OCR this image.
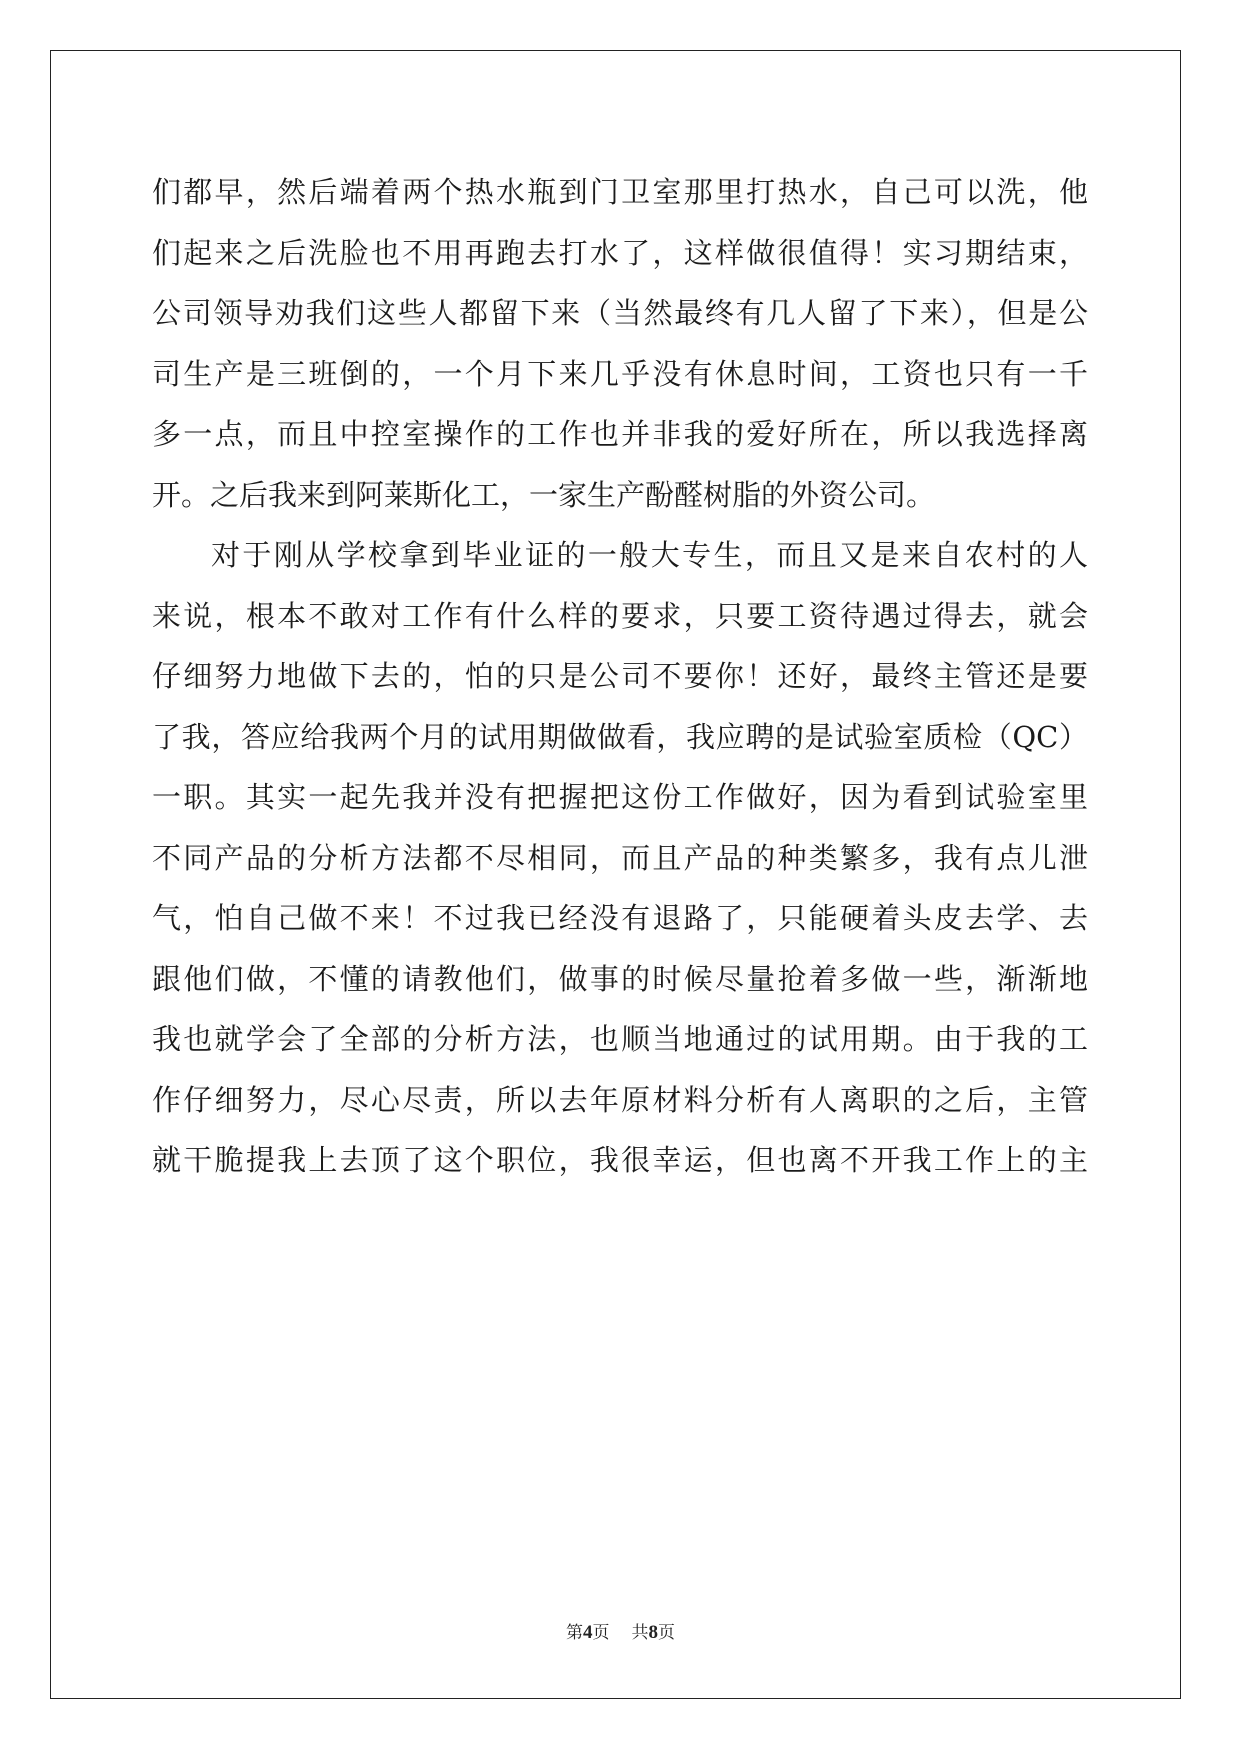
们都早，然后端着两个热水瓶到门卫室那里打热水，自己可以洗，他
们起来之后洗脸也不用再跑去打水了，这样做很值得！实习期结束，
公司领导劝我们这些人都留下来（当然最终有几人留了下来），但是公
司生产是三班倒的，一个月下来几乎没有休息时间，工资也只有一千
多一点，而且中控室操作的工作也并非我的爱好所在，所以我选择离
开。之后我来到阿莱斯化工，一家生产酚醛树脂的外资公司。
对于刚从学校拿到毕业证的一般大专生，而且又是来自农村的人
来说，根本不敢对工作有什么样的要求，只要工资待遇过得去，就会
仔细努力地做下去的，怕的只是公司不要你！还好，最终主管还是要
了我，答应给我两个月的试用期做做看，我应聘的是试验室质检（QC）
一职。其实一起先我并没有把握把这份工作做好，因为看到试验室里
不同产品的分析方法都不尽相同，而且产品的种类繁多，我有点儿泄
气，怕自己做不来！不过我已经没有退路了，只能硬着头皮去学、去
跟他们做，不懂的请教他们，做事的时候尽量抢着多做一些，渐渐地
我也就学会了全部的分析方法，也顺当地通过的试用期。由于我的工
作仔细努力，尽心尽责，所以去年原材料分析有人离职的之后，主管
就干脆提我上去顶了这个职位，我很幸运，但也离不开我工作上的主
第4页 共8页
